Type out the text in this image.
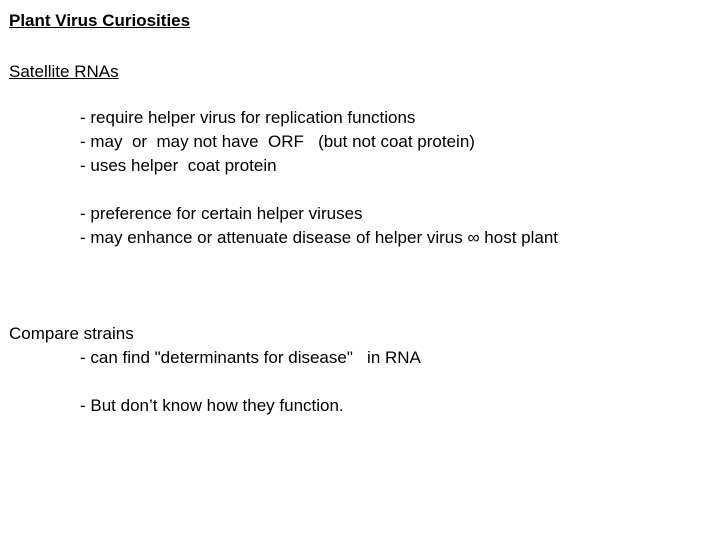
Plant Virus Curiosities
Satellite RNAs
- require helper virus for replication functions
- may  or  may not have  ORF   (but not coat protein)
- uses helper  coat protein
- preference for certain helper viruses
- may enhance or attenuate disease of helper virus ∞ host plant
Compare strains
- can find "determinants for disease"   in RNA
- But don’t know how they function.
